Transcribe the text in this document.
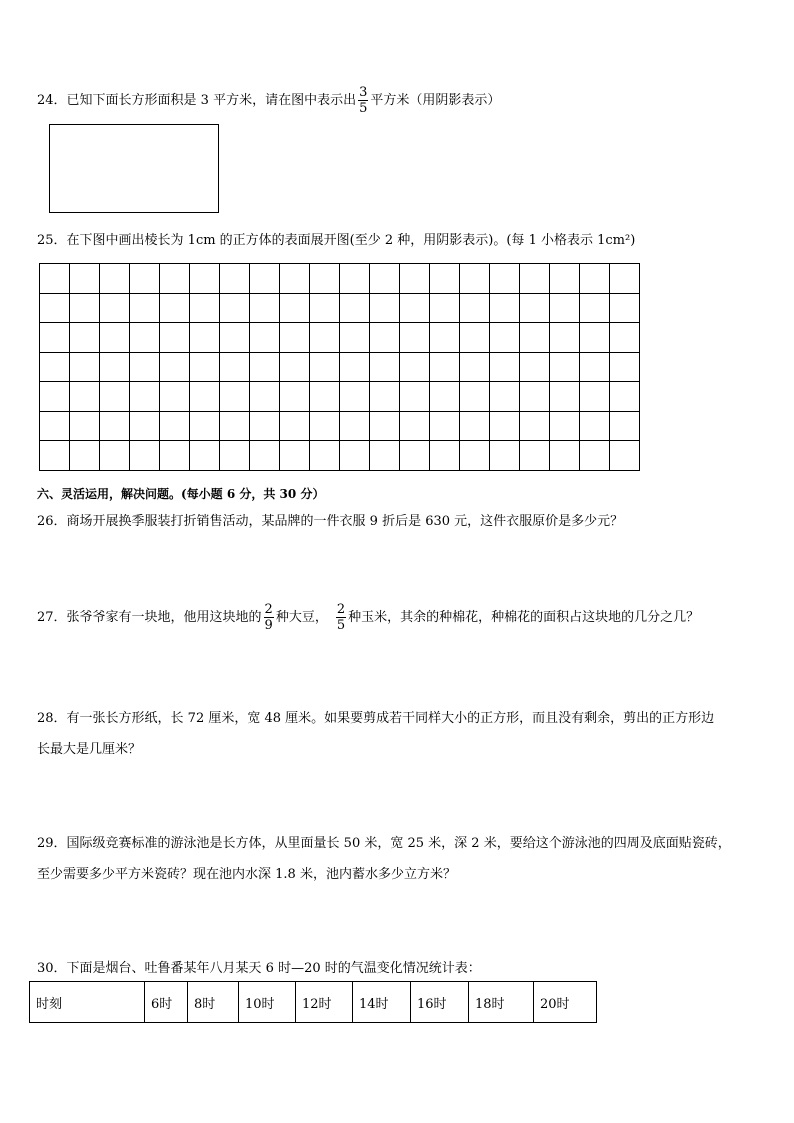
24．已知下面长方形面积是 3 平方米，请在图中表示出 $\frac{3}{5}$ 平方米（用阴影表示）
25．在下图中画出棱长为 1cm 的正方体的表面展开图(至少 2 种，用阴影表示)。(每 1 小格表示 1cm²)

六、灵活运用，解决问题。(每小题 6 分，共 30 分）
26．商场开展换季服装打折销售活动，某品牌的一件衣服 9 折后是 630 元，这件衣服原价是多少元？
27．张爷爷家有一块地，他用这块地的 $\frac{2}{9}$ 种大豆， $\frac{2}{5}$ 种玉米，其余的种棉花，种棉花的面积占这块地的几分之几？
28．有一张长方形纸，长 72 厘米，宽 48 厘米。如果要剪成若干同样大小的正方形，而且没有剩余，剪出的正方形边
长最大是几厘米？
29．国际级竞赛标准的游泳池是长方体，从里面量长 50 米，宽 25 米，深 2 米，要给这个游泳池的四周及底面贴瓷砖，
至少需要多少平方米瓷砖？现在池内水深 1.8 米，池内蓄水多少立方米？
30．下面是烟台、吐鲁番某年八月某天 6 时—20 时的气温变化情况统计表：
时刻	6时	8时	10时	12时	14时	16时	18时	20时
